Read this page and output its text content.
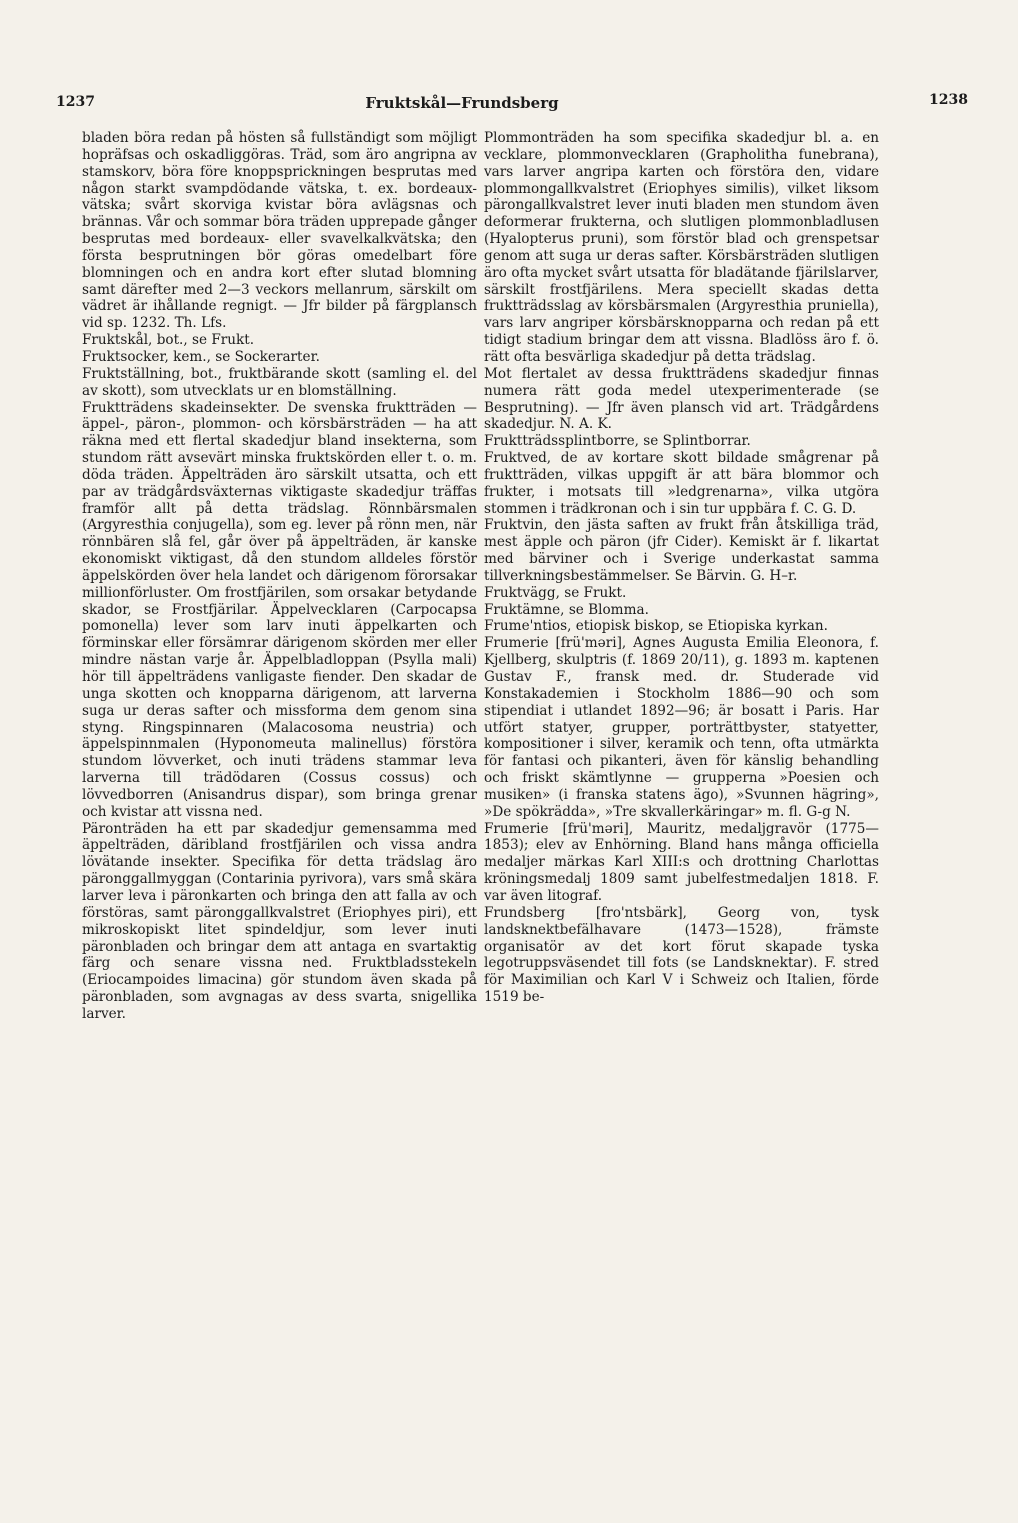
1237	Fruktskål—Frundsberg	1238

bladen böra redan på hösten så fullständigt som möjligt hopräfsas och oskadliggöras. Träd, som äro angripna av stamskorv, böra före knoppsprickningen besprutas med någon starkt svampdödande vätska, t. ex. bordeaux-vätska; svårt skorviga kvistar böra avlägsnas och brännas. Vår och sommar böra träden upprepade gånger besprutas med bordeaux- eller svavelkalkvätska; den första besprutningen bör göras omedelbart före blomningen och en andra kort efter slutad blomning samt därefter med 2—3 veckors mellanrum, särskilt om vädret är ihållande regnigt. — Jfr bilder på färgplansch vid sp. 1232. Th. Lfs.

Fruktskål, bot., se Frukt.

Fruktsocker, kem., se Sockerarter.

Fruktställning, bot., fruktbärande skott (samling el. del av skott), som utvecklats ur en blomställning.

Fruktträdens skadeinsekter. De svenska fruktträden — äppel-, päron-, plommon- och körsbärsträden — ha att räkna med ett flertal skadedjur bland insekterna, som stundom rätt avsevärt minska fruktskörden eller t. o. m. döda träden. Äppelträden äro särskilt utsatta, och ett par av trädgårdsväxternas viktigaste skadedjur träffas framför allt på detta trädslag. Rönnbärsmalen (Argyresthia conjugella), som eg. lever på rönn men, när rönnbären slå fel, går över på äppelträden, är kanske ekonomiskt viktigast, då den stundom alldeles förstör äppelskörden över hela landet och därigenom förorsakar millionförluster. Om frostfjärilen, som orsakar betydande skador, se Frostfjärilar. Äppelvecklaren (Carpocapsa pomonella) lever som larv inuti äppelkarten och förminskar eller försämrar därigenom skörden mer eller mindre nästan varje år. Äppelbladloppan (Psylla mali) hör till äppelträdens vanligaste fiender. Den skadar de unga skotten och knopparna därigenom, att larverna suga ur deras safter och missforma dem genom sina styng. Ringspinnaren (Malacosoma neustria) och äppelspinnmalen (Hyponomeuta malinellus) förstöra stundom lövverket, och inuti trädens stammar leva larverna till trädödaren (Cossus cossus) och lövvedborren (Anisandrus dispar), som bringa grenar och kvistar att vissna ned.

Päronträden ha ett par skadedjur gemensamma med äppelträden, däribland frostfjärilen och vissa andra lövätande insekter. Specifika för detta trädslag äro päronggallmyggan (Contarinia pyrivora), vars små skära larver leva i päronkarten och bringa den att falla av och förstöras, samt päronggallkvalstret (Eriophyes piri), ett mikroskopiskt litet spindeldjur, som lever inuti päronbladen och bringar dem att antaga en svartaktig färg och senare vissna ned. Fruktbladsstekeln (Eriocampoides limacina) gör stundom även skada på päronbladen, som avgnagas av dess svarta, snigellika larver.

Plommonträden ha som specifika skadedjur bl. a. en vecklare, plommonvecklaren (Grapholitha funebrana), vars larver angripa karten och förstöra den, vidare plommongallkvalstret (Eriophyes similis), vilket liksom pärongallkvalstret lever inuti bladen men stundom även deformerar frukterna, och slutligen plommonbladlusen (Hyalopterus pruni), som förstör blad och grenspetsar genom att suga ur deras safter. Körsbärsträden slutligen äro ofta mycket svårt utsatta för bladätande fjärilslarver, särskilt frostfjärilens. Mera speciellt skadas detta fruktträdsslag av körsbärsmalen (Argyresthia pruniella), vars larv angriper körsbärsknopparna och redan på ett tidigt stadium bringar dem att vissna. Bladlöss äro f. ö. rätt ofta besvärliga skadedjur på detta trädslag.

Mot flertalet av dessa fruktträdens skadedjur finnas numera rätt goda medel utexperimenterade (se Besprutning). — Jfr även plansch vid art. Trädgårdens skadedjur. N. A. K.

Fruktträdssplintborre, se Splintborrar.

Fruktved, de av kortare skott bildade smågrenar på fruktträden, vilkas uppgift är att bära blommor och frukter, i motsats till »ledgrenarna», vilka utgöra stommen i trädkronan och i sin tur uppbära f. C. G. D.

Fruktvin, den jästa saften av frukt från åtskilliga träd, mest äpple och päron (jfr Cider). Kemiskt är f. likartat med bärviner och i Sverige underkastat samma tillverkningsbestämmelser. Se Bärvin. G. H–r.

Fruktvägg, se Frukt.

Fruktämne, se Blomma.

Frume'ntios, etiopisk biskop, se Etiopiska kyrkan.

Frumerie [frü'məri], Agnes Augusta Emilia Eleonora, f. Kjellberg, skulptris (f. 1869 20/11), g. 1893 m. kaptenen Gustav F., fransk med. dr. Studerade vid Konstakademien i Stockholm 1886—90 och som stipendiat i utlandet 1892—96; är bosatt i Paris. Har utfört statyer, grupper, porträttbyster, statyetter, kompositioner i silver, keramik och tenn, ofta utmärkta för fantasi och pikanteri, även för känslig behandling och friskt skämtlynne — grupperna »Poesien och musiken» (i franska statens ägo), »Svunnen hägring», »De spökrädda», »Tre skvallerkäringar» m. fl. G-g N.

Frumerie [frü'məri], Mauritz, medaljgravör (1775—1853); elev av Enhörning. Bland hans många officiella medaljer märkas Karl XIII:s och drottning Charlottas kröningsmedalj 1809 samt jubelfestmedaljen 1818. F. var även litograf.

Frundsberg [fro'ntsbärk], Georg von, tysk landsknektbefälhavare (1473—1528), främste organisatör av det kort förut skapade tyska legotruppsväsendet till fots (se Landsknektar). F. stred för Maximilian och Karl V i Schweiz och Italien, förde 1519 be-
